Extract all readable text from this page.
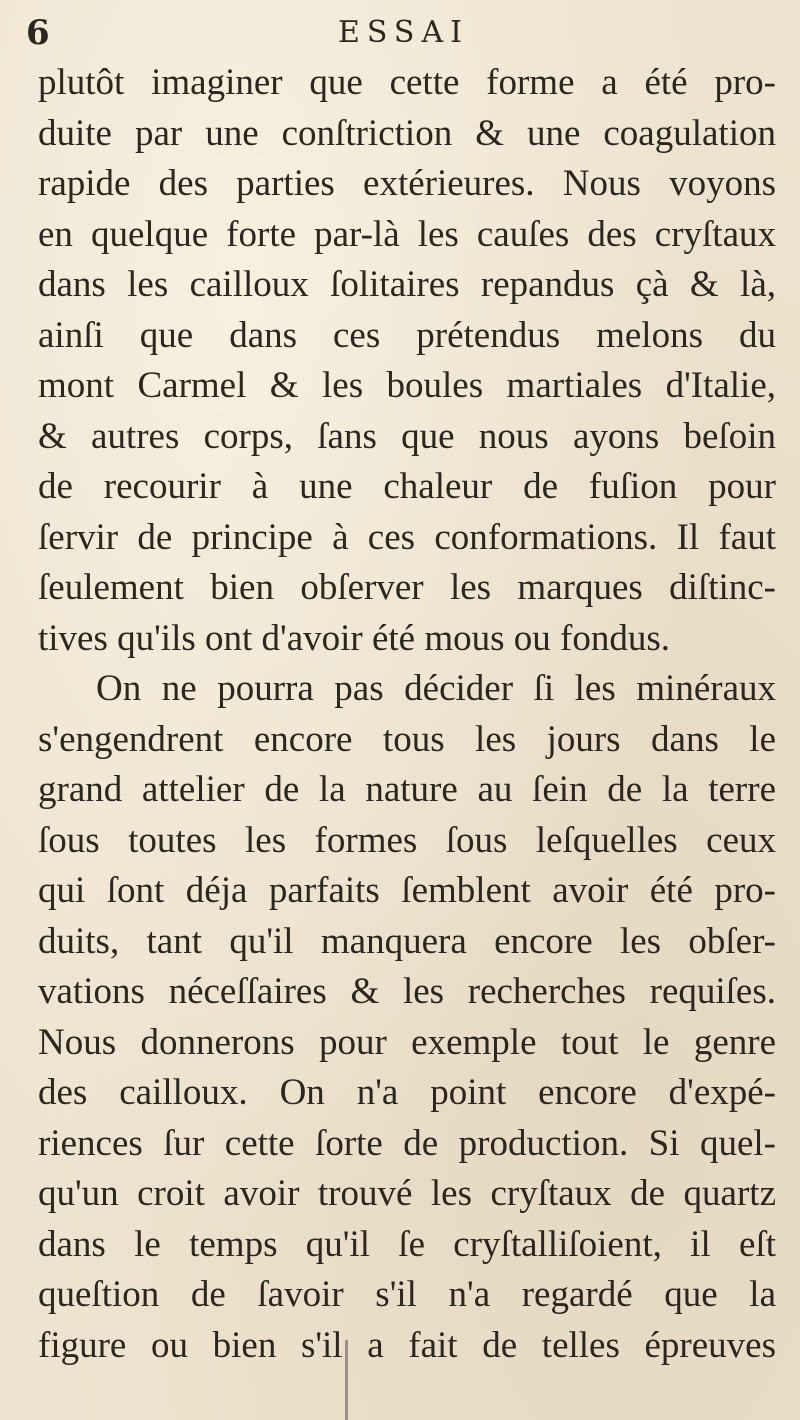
6	ESSAI
plutôt imaginer que cette forme a été pro-
duite par une conſtriction & une coagulation
rapide des parties extérieures. Nous voyons
en quelque forte par-là les cauſes des cryſtaux
dans les cailloux ſolitaires repandus çà & là,
ainſi que dans ces prétendus melons du
mont Carmel & les boules martiales d'Italie,
& autres corps, ſans que nous ayons beſoin
de recourir à une chaleur de fuſion pour
ſervir de principe à ces conformations. Il faut
ſeulement bien obſerver les marques diſtinc-
tives qu'ils ont d'avoir été mous ou fondus.
On ne pourra pas décider ſi les minéraux
s'engendrent encore tous les jours dans le
grand attelier de la nature au ſein de la terre
ſous toutes les formes ſous leſquelles ceux
qui ſont déja parfaits ſemblent avoir été pro-
duits, tant qu'il manquera encore les obſer-
vations néceſſaires & les recherches requiſes.
Nous donnerons pour exemple tout le genre
des cailloux. On n'a point encore d'expé-
riences ſur cette ſorte de production. Si quel-
qu'un croit avoir trouvé les cryſtaux de quartz
dans le temps qu'il ſe cryſtalliſoient, il eſt
queſtion de ſavoir s'il n'a regardé que la
figure ou bien s'il a fait de telles épreuves
